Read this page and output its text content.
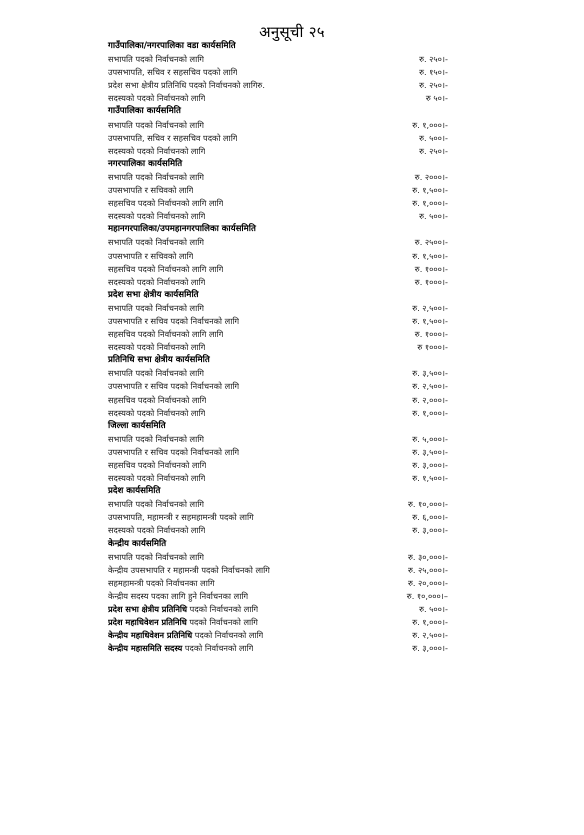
अनुसूची २५
गाउँपालिका/नगरपालिका वडा कार्यसमिति
सभापति पदको निर्वाचनको लागि	रु. २५०।-
उपसभापति, सचिव र सहसचिव पदको लागि	रु. १५०।-
प्रदेश सभा क्षेत्रीय प्रतिनिधि पदको निर्वाचनको लागिरु.	रु. २५०।-
सदस्यको पदको निर्वाचनको लागि	रु ५०।-
गाउँपालिका कार्यसमिति
सभापति पदको निर्वाचनको लागि	रु. १,०००।-
उपसभापति, सचिव र सहसचिव पदको लागि	रु. ५००।-
सदस्यको पदको निर्वाचनको लागि	रु. २५०।-
नगरपालिका कार्यसमिति
सभापति पदको निर्वाचनको लागि	रु. २०००।-
उपसभापति र सचिवको लागि	रु. १,५००।-
सहसचिव पदको निर्वाचनको लागि लागि	रु. १,०००।-
सदस्यको पदको निर्वाचनको लागि	रु. ५००।-
महानगरपालिका/उपमहानगरपालिका कार्यसमिति
सभापति पदको निर्वाचनको लागि	रु. २५००।-
उपसभापति र सचिवको लागि	रु. १,५००।-
सहसचिव पदको निर्वाचनको लागि लागि	रु. १०००।-
सदस्यको पदको निर्वाचनको लागि	रु. १०००।-
प्रदेश सभा क्षेत्रीय कार्यसमिति
सभापति पदको निर्वाचनको लागि	रु. २,५००।-
उपसभापति र सचिव पदको निर्वाचनको लागि	रु. १,५००।-
सहसचिव पदको निर्वाचनको लागि लागि	रु. १०००।-
सदस्यको पदको निर्वाचनको लागि	रु १०००।-
प्रतिनिधि सभा क्षेत्रीय कार्यसमिति
सभापति पदको निर्वाचनको लागि	रु. ३,५००।-
उपसभापति र सचिव पदको निर्वाचनको लागि	रु. २,५००।-
सहसचिव पदको निर्वाचनको लागि	रु. २,०००।-
सदस्यको पदको निर्वाचनको लागि	रु. १,०००।-
जिल्ला कार्यसमिति
सभापति पदको निर्वाचनको लागि	रु. ५,०००।-
उपसभापति र सचिव पदको निर्वाचनको लागि	रु. ३,५००।-
सहसचिव पदको निर्वाचनको लागि	रु. ३,०००।-
सदस्यको पदको निर्वाचनको लागि	रु. १,५००।-
प्रदेश कार्यसमिति
सभापति पदको निर्वाचनको लागि	रु. १०,०००।-
उपसभापति, महामन्त्री र सहमहामन्त्री पदको लागि	रु. ६,०००।-
सदस्यको पदको निर्वाचनको लागि	रु. ३,०००।-
केन्द्रीय कार्यसमिति
सभापति पदको निर्वाचनको लागि	रु. ३०,०००।-
केन्द्रीय उपसभापति र महामन्त्री पदको निर्वाचनको लागि	रु. २५,०००।-
सहमहामन्त्री पदको निर्वाचनका लागि	रु. २०,०००।-
केन्द्रीय सदस्य पदका लागि हुने निर्वाचनका लागि	रु. १०,०००।–
प्रदेश सभा क्षेत्रीय प्रतिनिधि पदको निर्वाचनको लागि	रु. ५००।-
प्रदेश महाधिवेशन प्रतिनिधि पदको निर्वाचनको लागि	रु. १,०००।-
केन्द्रीय महाधिवेशन प्रतिनिधि पदको निर्वाचनको लागि	रु. २,५००।-
केन्द्रीय महासमिति सदस्य पदको निर्वाचनको लागि	रु. ३,०००।-
